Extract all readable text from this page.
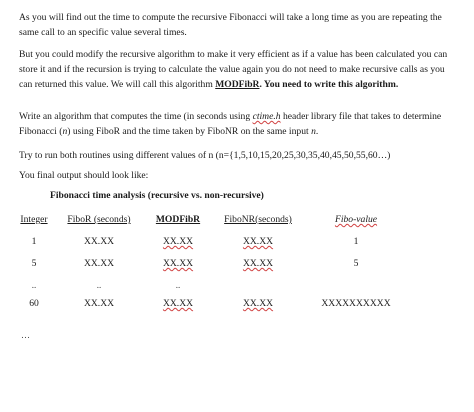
As you will find out the time to compute the recursive Fibonacci will take a long time as you are repeating the same call to an specific value several times.

But you could modify the recursive algorithm to make it very efficient as if a value has been calculated you can store it and if the recursion is trying to calculate the value again you do not need to make recursive calls as you can returned this value. We will call this algorithm MODFibR. You need to write this algorithm.

Write an algorithm that computes the time (in seconds using ctime.h header library file that takes to determine Fibonacci (n) using FiboR and the time taken by FiboNR on the same input n.

Try to run both routines using different values of n (n={1,5,10,15,20,25,30,35,40,45,50,55,60…)

You final output should look like:

Fibonacci time analysis (recursive vs. non-recursive)
Integer	FiboR (seconds)	MODFibR	FiboNR(seconds)	Fibo-value
1	XX.XX	XX.XX	XX.XX	1
5	XX.XX	XX.XX	XX.XX	5
..	..	..		
60	XX.XX	XX.XX	XX.XX	XXXXXXXXXX
…
